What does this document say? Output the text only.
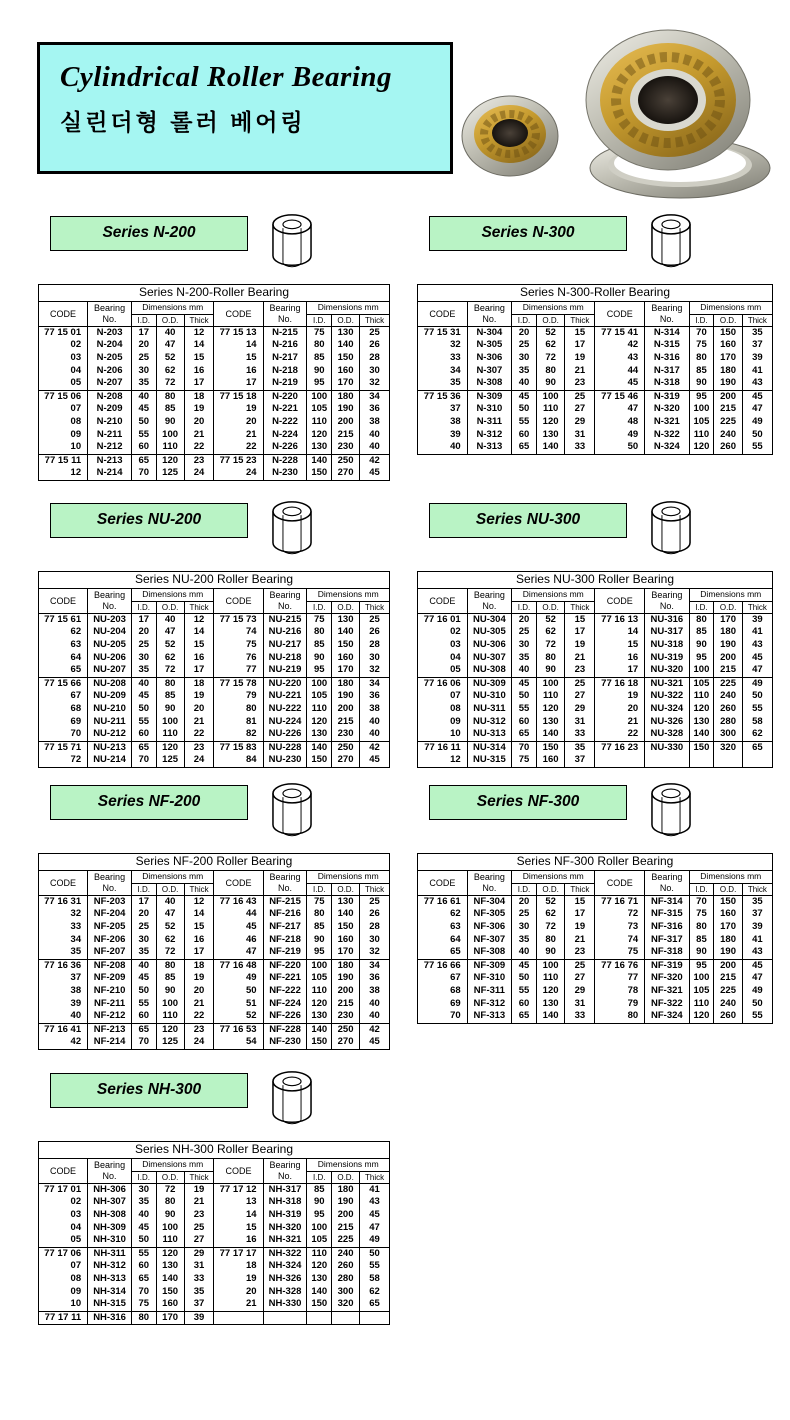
Cylindrical Roller Bearing
실린더형 롤러 베어링
Series N-200
Series N-200-Roller Bearing									
CODE	Bearing No.	Dimensions mm			CODE	Bearing No.	Dimensions mm		
		I.D.	O.D.	Thick			I.D.	O.D.	Thick
77 15 01	N-203	17	40	12	77 15 13	N-215	75	130	25
02	N-204	20	47	14	14	N-216	80	140	26
03	N-205	25	52	15	15	N-217	85	150	28
04	N-206	30	62	16	16	N-218	90	160	30
05	N-207	35	72	17	17	N-219	95	170	32
77 15 06	N-208	40	80	18	77 15 18	N-220	100	180	34
07	N-209	45	85	19	19	N-221	105	190	36
08	N-210	50	90	20	20	N-222	110	200	38
09	N-211	55	100	21	21	N-224	120	215	40
10	N-212	60	110	22	22	N-226	130	230	40
77 15 11	N-213	65	120	23	77 15 23	N-228	140	250	42
12	N-214	70	125	24	24	N-230	150	270	45
Series N-300
Series N-300-Roller Bearing									
CODE	Bearing No.	Dimensions mm			CODE	Bearing No.	Dimensions mm		
		I.D.	O.D.	Thick			I.D.	O.D.	Thick
77 15 31	N-304	20	52	15	77 15 41	N-314	70	150	35
32	N-305	25	62	17	42	N-315	75	160	37
33	N-306	30	72	19	43	N-316	80	170	39
34	N-307	35	80	21	44	N-317	85	180	41
35	N-308	40	90	23	45	N-318	90	190	43
77 15 36	N-309	45	100	25	77 15 46	N-319	95	200	45
37	N-310	50	110	27	47	N-320	100	215	47
38	N-311	55	120	29	48	N-321	105	225	49
39	N-312	60	130	31	49	N-322	110	240	50
40	N-313	65	140	33	50	N-324	120	260	55
Series NU-200
Series NU-200 Roller Bearing									
CODE	Bearing No.	Dimensions mm			CODE	Bearing No.	Dimensions mm		
		I.D.	O.D.	Thick			I.D.	O.D.	Thick
77 15 61	NU-203	17	40	12	77 15 73	NU-215	75	130	25
62	NU-204	20	47	14	74	NU-216	80	140	26
63	NU-205	25	52	15	75	NU-217	85	150	28
64	NU-206	30	62	16	76	NU-218	90	160	30
65	NU-207	35	72	17	77	NU-219	95	170	32
77 15 66	NU-208	40	80	18	77 15 78	NU-220	100	180	34
67	NU-209	45	85	19	79	NU-221	105	190	36
68	NU-210	50	90	20	80	NU-222	110	200	38
69	NU-211	55	100	21	81	NU-224	120	215	40
70	NU-212	60	110	22	82	NU-226	130	230	40
77 15 71	NU-213	65	120	23	77 15 83	NU-228	140	250	42
72	NU-214	70	125	24	84	NU-230	150	270	45
Series NU-300
Series NU-300 Roller Bearing									
CODE	Bearing No.	Dimensions mm			CODE	Bearing No.	Dimensions mm		
		I.D.	O.D.	Thick			I.D.	O.D.	Thick
77 16 01	NU-304	20	52	15	77 16 13	NU-316	80	170	39
02	NU-305	25	62	17	14	NU-317	85	180	41
03	NU-306	30	72	19	15	NU-318	90	190	43
04	NU-307	35	80	21	16	NU-319	95	200	45
05	NU-308	40	90	23	17	NU-320	100	215	47
77 16 06	NU-309	45	100	25	77 16 18	NU-321	105	225	49
07	NU-310	50	110	27	19	NU-322	110	240	50
08	NU-311	55	120	29	20	NU-324	120	260	55
09	NU-312	60	130	31	21	NU-326	130	280	58
10	NU-313	65	140	33	22	NU-328	140	300	62
77 16 11	NU-314	70	150	35	77 16 23	NU-330	150	320	65
12	NU-315	75	160	37					
Series NF-200
Series NF-200 Roller Bearing									
CODE	Bearing No.	Dimensions mm			CODE	Bearing No.	Dimensions mm		
		I.D.	O.D.	Thick			I.D.	O.D.	Thick
77 16 31	NF-203	17	40	12	77 16 43	NF-215	75	130	25
32	NF-204	20	47	14	44	NF-216	80	140	26
33	NF-205	25	52	15	45	NF-217	85	150	28
34	NF-206	30	62	16	46	NF-218	90	160	30
35	NF-207	35	72	17	47	NF-219	95	170	32
77 16 36	NF-208	40	80	18	77 16 48	NF-220	100	180	34
37	NF-209	45	85	19	49	NF-221	105	190	36
38	NF-210	50	90	20	50	NF-222	110	200	38
39	NF-211	55	100	21	51	NF-224	120	215	40
40	NF-212	60	110	22	52	NF-226	130	230	40
77 16 41	NF-213	65	120	23	77 16 53	NF-228	140	250	42
42	NF-214	70	125	24	54	NF-230	150	270	45
Series NF-300
Series NF-300 Roller Bearing									
CODE	Bearing No.	Dimensions mm			CODE	Bearing No.	Dimensions mm		
		I.D.	O.D.	Thick			I.D.	O.D.	Thick
77 16 61	NF-304	20	52	15	77 16 71	NF-314	70	150	35
62	NF-305	25	62	17	72	NF-315	75	160	37
63	NF-306	30	72	19	73	NF-316	80	170	39
64	NF-307	35	80	21	74	NF-317	85	180	41
65	NF-308	40	90	23	75	NF-318	90	190	43
77 16 66	NF-309	45	100	25	77 16 76	NF-319	95	200	45
67	NF-310	50	110	27	77	NF-320	100	215	47
68	NF-311	55	120	29	78	NF-321	105	225	49
69	NF-312	60	130	31	79	NF-322	110	240	50
70	NF-313	65	140	33	80	NF-324	120	260	55
Series NH-300
Series NH-300 Roller Bearing									
CODE	Bearing No.	Dimensions mm			CODE	Bearing No.	Dimensions mm		
		I.D.	O.D.	Thick			I.D.	O.D.	Thick
77 17 01	NH-306	30	72	19	77 17 12	NH-317	85	180	41
02	NH-307	35	80	21	13	NH-318	90	190	43
03	NH-308	40	90	23	14	NH-319	95	200	45
04	NH-309	45	100	25	15	NH-320	100	215	47
05	NH-310	50	110	27	16	NH-321	105	225	49
77 17 06	NH-311	55	120	29	77 17 17	NH-322	110	240	50
07	NH-312	60	130	31	18	NH-324	120	260	55
08	NH-313	65	140	33	19	NH-326	130	280	58
09	NH-314	70	150	35	20	NH-328	140	300	62
10	NH-315	75	160	37	21	NH-330	150	320	65
77 17 11	NH-316	80	170	39					
